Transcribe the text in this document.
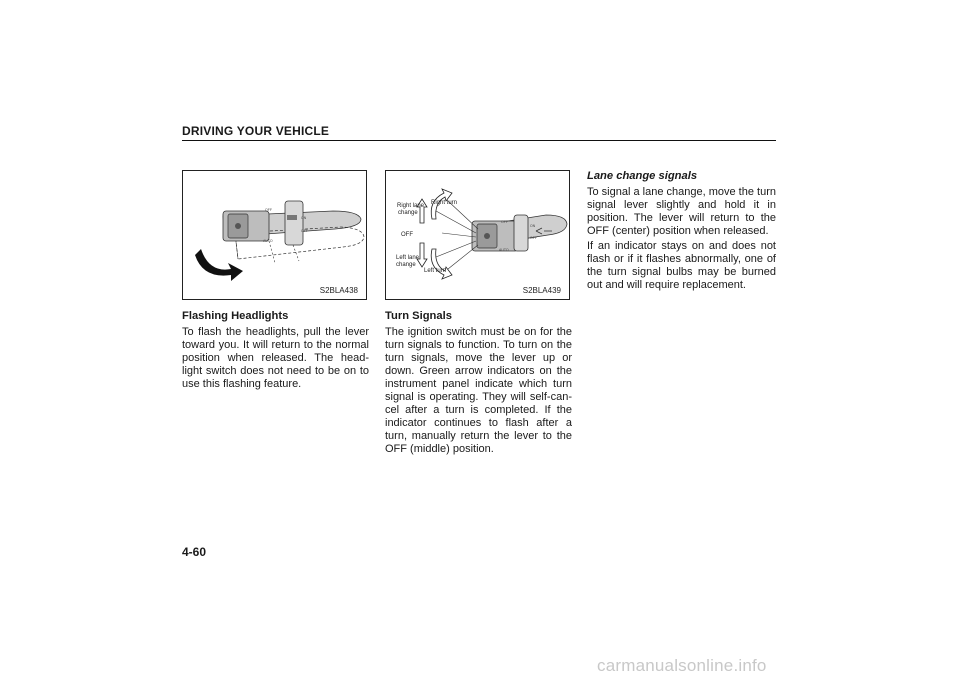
DRIVING YOUR VEHICLE
OFF
ON
OFF
AUTO
S2BLA438
OFF
ON
OFF
AUTO
Right turn
Right lane
change
OFF
Left lane
change
Left turn
S2BLA439
Flashing Headlights

To flash the headlights, pull the lever toward you. It will return to the normal position when released. The head-light switch does not need to be on to use this flashing feature.

Turn Signals

The ignition switch must be on for the turn signals to function. To turn on the turn signals, move the lever up or down. Green arrow indicators on the instrument panel indicate which turn signal is operating. They will self-can-cel after a turn is completed. If the indicator continues to flash after a turn, manually return the lever to the OFF (middle) position.

Lane change signals

To signal a lane change, move the turn signal lever slightly and hold it in position. The lever will return to the OFF (center) position when released.

If an indicator stays on and does not flash or if it flashes abnormally, one of the turn signal bulbs may be burned out and will require replacement.

4-60
carmanualsonline.info
